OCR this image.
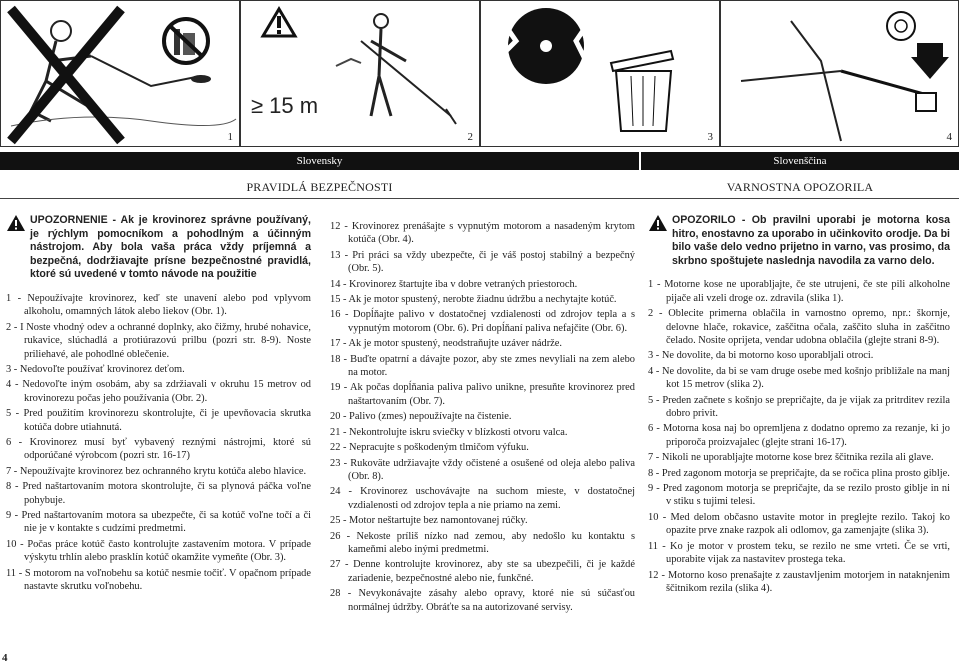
1
≥ 15 m
2	3	4
Slovensky	Slovenščina
PRAVIDLÁ BEZPEČNOSTI	VARNOSTNA OPOZORILA
UPOZORNENIE - Ak je krovinorez správne používaný, je rýchlym pomocníkom a pohodlným a účinným nástrojom. Aby bola vaša práca vždy príjemná a bezpečná, dodržiavajte prísne bezpečnostné pravidlá, ktoré sú uvedené v tomto návode na použitie
1 - Nepoužívajte krovinorez, keď ste unavení alebo pod vplyvom alkoholu, omamných látok alebo liekov (Obr. 1).
2 - I Noste vhodný odev a ochranné doplnky, ako čižmy, hrubé nohavice, rukavice, slúchadlá a protiúrazovú prilbu (pozri str. 8-9). Noste priliehavé, ale pohodlné oblečenie.
3 - Nedovoľte používať krovinorez deťom.
4 - Nedovoľte iným osobám, aby sa zdržiavali v okruhu 15 metrov od krovinorezu počas jeho používania (Obr. 2).
5 - Pred použitím krovinorezu skontrolujte, či je upevňovacia skrutka kotúča dobre utiahnutá.
6 - Krovinorez musí byť vybavený reznými nástrojmi, ktoré sú odporúčané výrobcom (pozri str. 16-17)
7 - Nepoužívajte krovinorez bez ochranného krytu kotúča alebo hlavice.
8 - Pred naštartovaním motora skontrolujte, či sa plynová páčka voľne pohybuje.
9 - Pred naštartovaním motora sa ubezpečte, či sa kotúč voľne točí a či nie je v kontakte s cudzími predmetmi.
10 - Počas práce kotúč často kontrolujte zastavením motora. V prípade výskytu trhlín alebo prasklín kotúč okamžite vymeňte (Obr. 3).
11 - S motorom na voľnobehu sa kotúč nesmie točiť. V opačnom prípade nastavte skrutku voľnobehu.
12 - Krovinorez prenášajte s vypnutým motorom a nasadeným krytom kotúča (Obr. 4).
13 - Pri práci sa vždy ubezpečte, či je váš postoj stabilný a bezpečný (Obr. 5).
14 - Krovinorez štartujte iba v dobre vetraných priestoroch.
15 - Ak je motor spustený, nerobte žiadnu údržbu a nechytajte kotúč.
16 - Dopĺňajte palivo v dostatočnej vzdialenosti od zdrojov tepla a s vypnutým motorom (Obr. 6). Pri dopĺňaní paliva nefajčite (Obr. 6).
17 - Ak je motor spustený, neodstraňujte uzáver nádrže.
18 - Buďte opatrní a dávajte pozor, aby ste zmes nevyliali na zem alebo na motor.
19 - Ak počas dopĺňania paliva palivo unikne, presuňte krovinorez pred naštartovaním (Obr. 7).
20 - Palivo (zmes) nepoužívajte na čistenie.
21 - Nekontrolujte iskru sviečky v blízkosti otvoru valca.
22 - Nepracujte s poškodeným tlmičom výfuku.
23 - Rukoväte udržiavajte vždy očistené a osušené od oleja alebo paliva (Obr. 8).
24 - Krovinorez uschovávajte na suchom mieste, v dostatočnej vzdialenosti od zdrojov tepla a nie priamo na zemi.
25 - Motor neštartujte bez namontovanej rúčky.
26 - Nekoste príliš nízko nad zemou, aby nedošlo ku kontaktu s kameňmi alebo inými predmetmi.
27 - Denne kontrolujte krovinorez, aby ste sa ubezpečili, či je každé zariadenie, bezpečnostné alebo nie, funkčné.
28 - Nevykonávajte zásahy alebo opravy, ktoré nie sú súčasťou normálnej údržby. Obráťte sa na autorizované servisy.
OPOZORILO - Ob pravilni uporabi je motorna kosa hitro, enostavno za uporabo in učinkovito orodje. Da bi bilo vaše delo vedno prijetno in varno, vas prosimo, da skrbno spoštujete naslednja navodila za varno delo.
1 - Motorne kose ne uporabljajte, če ste utrujeni, če ste pili alkoholne pijače ali vzeli droge oz. zdravila (slika 1).
2 - Oblecite primerna oblačila in varnostno opremo, npr.: škornje, delovne hlače, rokavice, zaščitna očala, zaščito sluha in zaščitno čelado. Nosite oprijeta, vendar udobna oblačila (glejte strani 8-9).
3 - Ne dovolite, da bi motorno koso uporabljali otroci.
4 - Ne dovolite, da bi se vam druge osebe med košnjo približale na manj kot 15 metrov (slika 2).
5 - Preden začnete s košnjo se prepričajte, da je vijak za pritrditev rezila dobro privit.
6 - Motorna kosa naj bo opremljena z dodatno opremo za rezanje, ki jo priporoča proizvajalec (glejte strani 16-17).
7 - Nikoli ne uporabljajte motorne kose brez ščitnika rezila ali glave.
8 - Pred zagonom motorja se prepričajte, da se ročica plina prosto giblje.
9 - Pred zagonom motorja se prepričajte, da se rezilo prosto giblje in ni v stiku s tujimi telesi.
10 - Med delom občasno ustavite motor in preglejte rezilo. Takoj ko opazite prve znake razpok ali odlomov, ga zamenjajte (slika 3).
11 - Ko je motor v prostem teku, se rezilo ne sme vrteti. Če se vrti, uporabite vijak za nastavitev prostega teka.
12 - Motorno koso prenašajte z zaustavljenim motorjem in nataknjenim ščitnikom rezila (slika 4).
4
